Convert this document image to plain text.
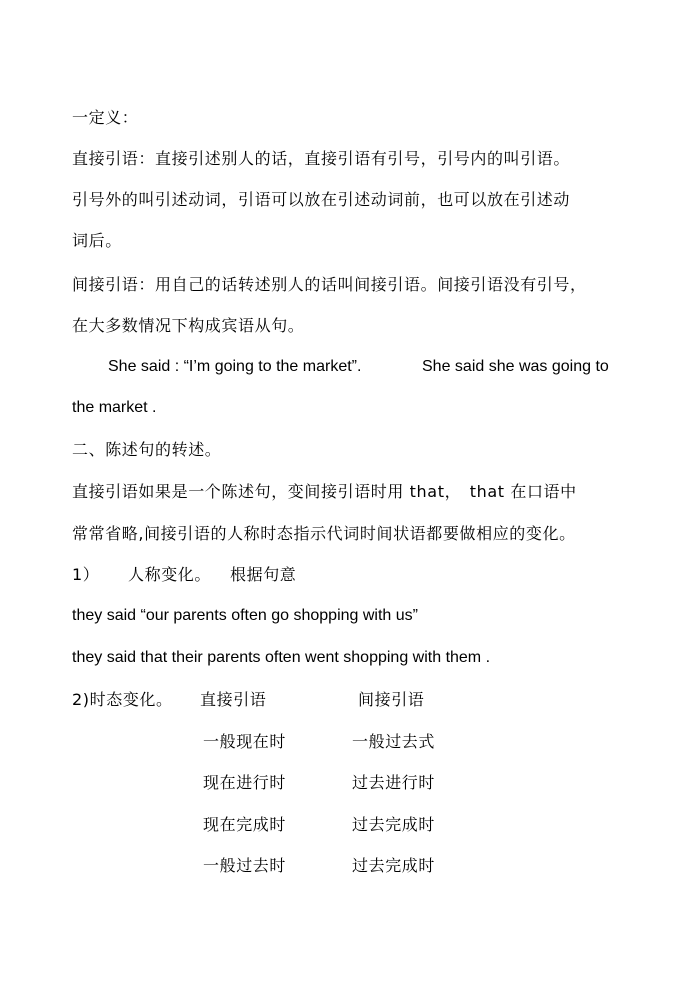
一定义：
直接引语：直接引述别人的话，直接引语有引号，引号内的叫引语。
引号外的叫引述动词，引语可以放在引述动词前，也可以放在引述动
词后。
间接引语：用自己的话转述别人的话叫间接引语。间接引语没有引号，
在大多数情况下构成宾语从句。
She said : “I’m going to the market”.	She said she was going to
the market .
二、陈述句的转述。
直接引语如果是一个陈述句，变间接引语时用 that，　that 在口语中
常常省略,间接引语的人称时态指示代词时间状语都要做相应的变化。
1） 人称变化。 根据句意
they said “our parents often go shopping with us”
they said that their parents often went shopping with them .
2)时态变化。 直接引语	间接引语
一般现在时	一般过去式
现在进行时	过去进行时
现在完成时	过去完成时
一般过去时	过去完成时
